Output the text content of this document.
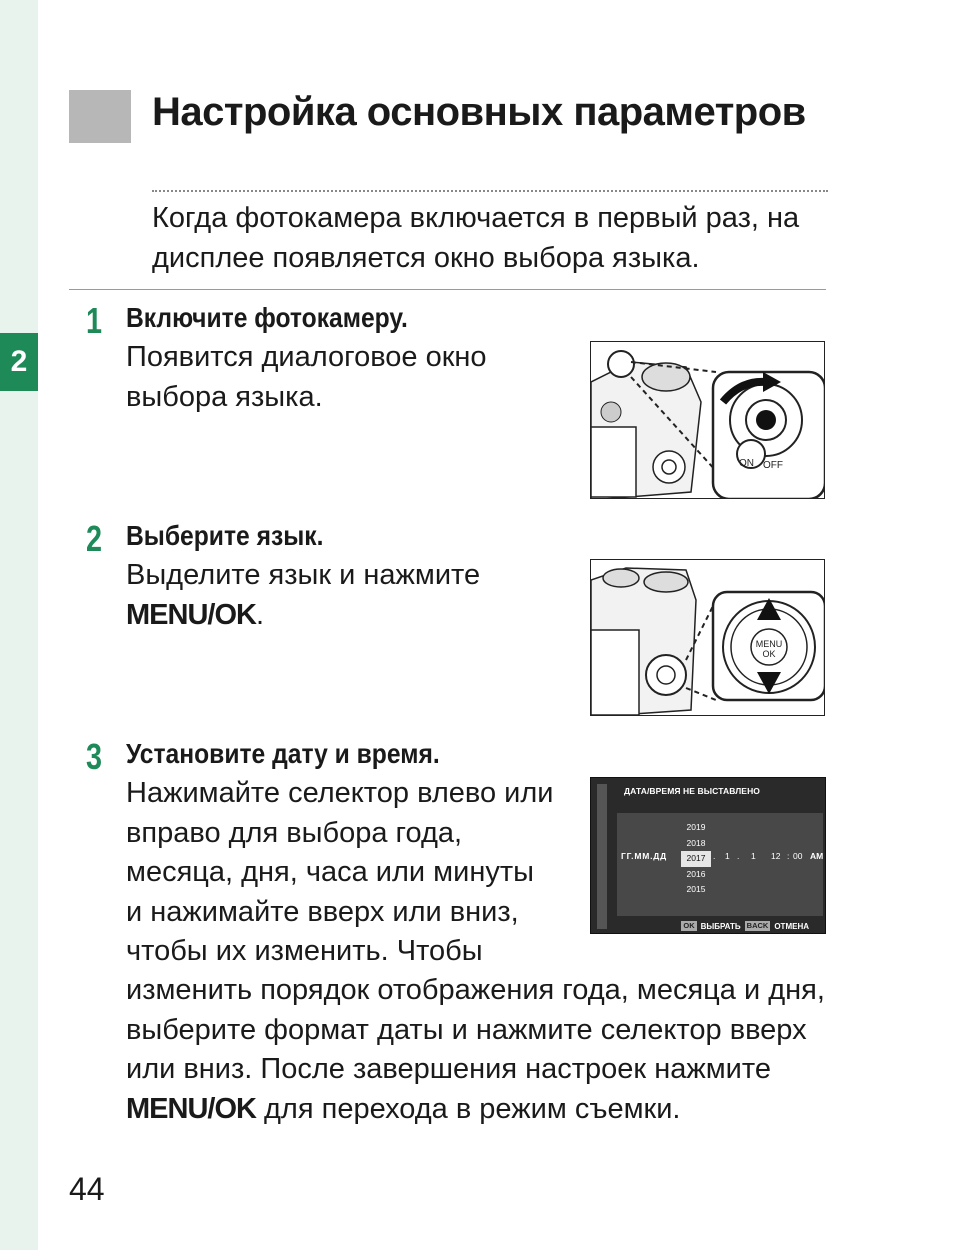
2
Настройка основных параметров

Когда фотокамера включается в первый раз, на дисплее появляется окно выбора языка.

1 Включите фотокамеру.

Появится диалоговое окно выбора языка.

ON OFF
2 Выберите язык.

Выделите язык и нажмите MENU/OK.

MENU
OK
3 Установите дату и время.

Нажимайте селектор влево или вправо для выбора года, месяца, дня, часа или минуты и нажимайте вверх или вниз, чтобы их изменить. Чтобы

изменить порядок отображения года, месяца и дня, выберите формат даты и нажмите селектор вверх или вниз. После завершения настроек нажмите MENU/OK для перехода в режим съемки.

ДАТА/ВРЕМЯ НЕ ВЫСТАВЛЕНО
2019
2018
2017
2016
2015
ГГ.ММ.ДД	. 1 . 1 12 : 00 AM
OK ВЫБРАТЬ BACK ОТМЕНА
44
